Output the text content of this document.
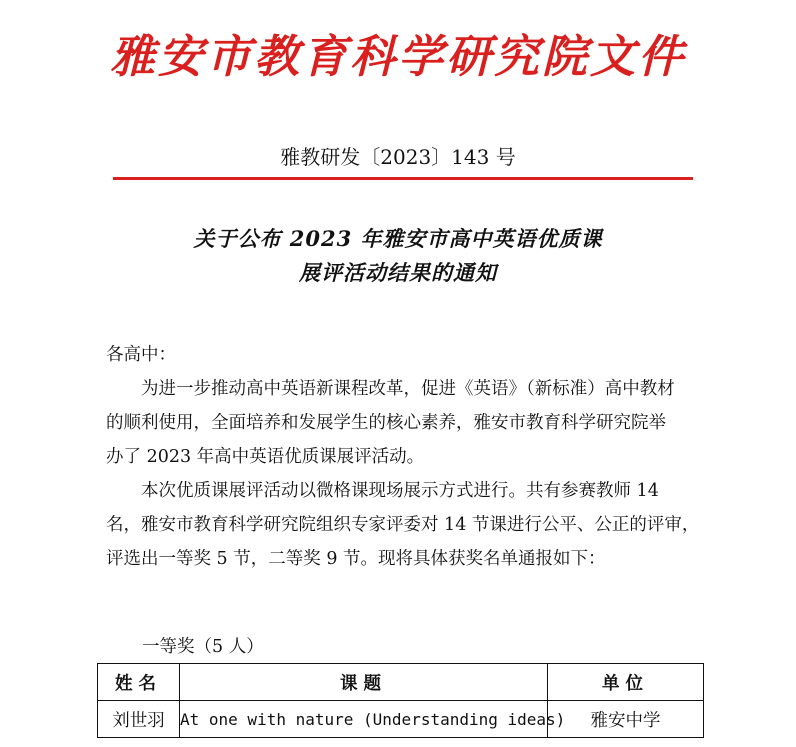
雅安市教育科学研究院文件
雅教研发〔2023〕143 号
关于公布 2023 年雅安市高中英语优质课
展评活动结果的通知

各高中：

为进一步推动高中英语新课程改革，促进《英语》（新标准）高中教材
的顺利使用，全面培养和发展学生的核心素养，雅安市教育科学研究院举
办了 2023 年高中英语优质课展评活动。

本次优质课展评活动以微格课现场展示方式进行。共有参赛教师 14
名，雅安市教育科学研究院组织专家评委对 14 节课进行公平、公正的评审，
评选出一等奖 5 节，二等奖 9 节。现将具体获奖名单通报如下：

一等奖（5 人）
姓名	课题	单位
刘世羽	At one with nature (Understanding ideas)	雅安中学
